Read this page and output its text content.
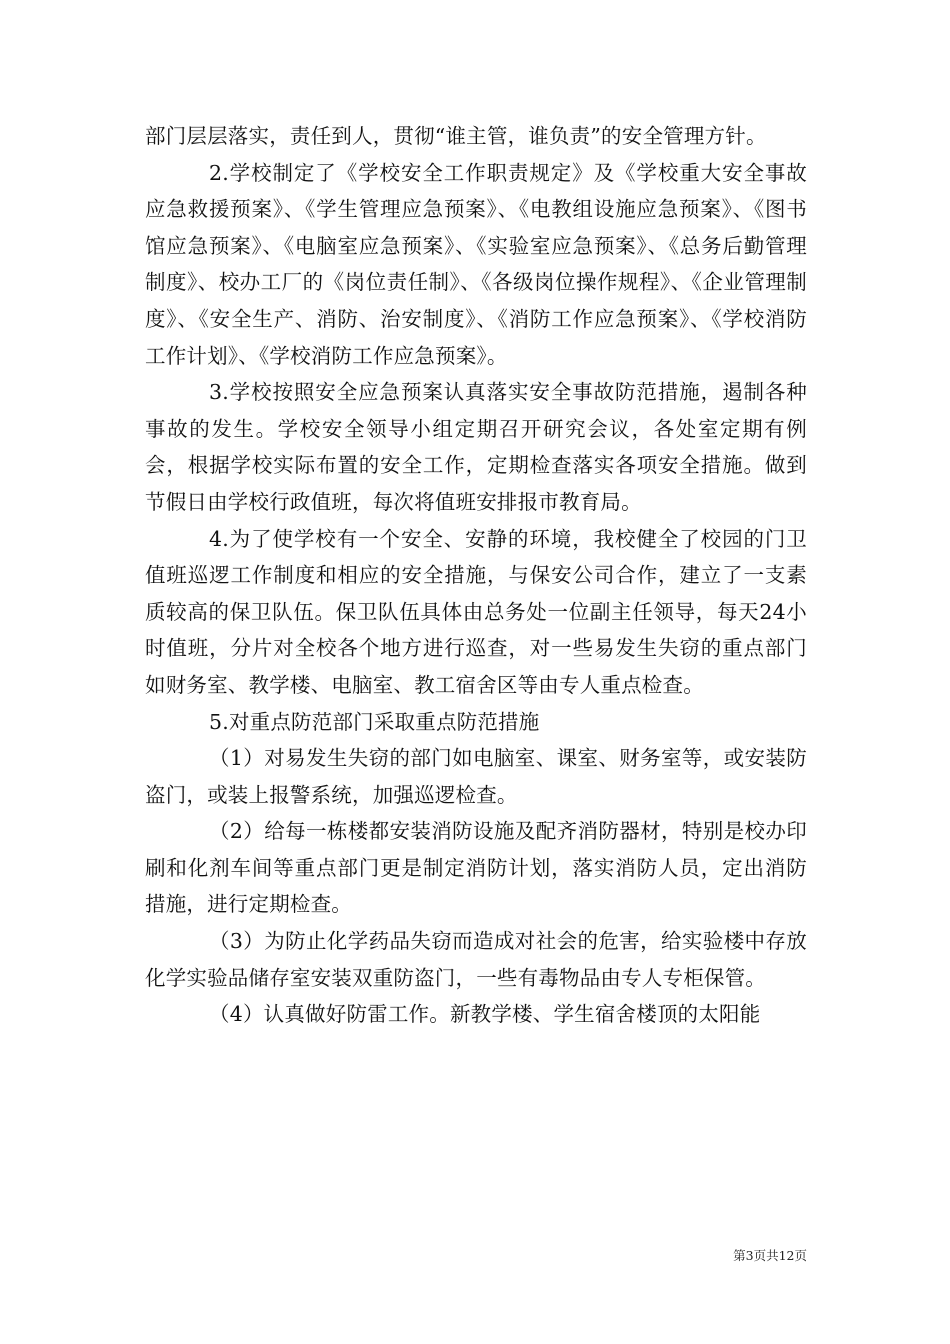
部门层层落实，责任到人，贯彻“谁主管，谁负责”的安全管理方针。

2.学校制定了《学校安全工作职责规定》及《学校重大安全事故应急救援预案》、《学生管理应急预案》、《电教组设施应急预案》、《图书馆应急预案》、《电脑室应急预案》、《实验室应急预案》、《总务后勤管理制度》、校办工厂的《岗位责任制》、《各级岗位操作规程》、《企业管理制度》、《安全生产、消防、治安制度》、《消防工作应急预案》、《学校消防工作计划》、《学校消防工作应急预案》。

3.学校按照安全应急预案认真落实安全事故防范措施，遏制各种事故的发生。学校安全领导小组定期召开研究会议，各处室定期有例会，根据学校实际布置的安全工作，定期检查落实各项安全措施。做到节假日由学校行政值班，每次将值班安排报市教育局。

4.为了使学校有一个安全、安静的环境，我校健全了校园的门卫值班巡逻工作制度和相应的安全措施，与保安公司合作，建立了一支素质较高的保卫队伍。保卫队伍具体由总务处一位副主任领导，每天24小时值班，分片对全校各个地方进行巡查，对一些易发生失窃的重点部门如财务室、教学楼、电脑室、教工宿舍区等由专人重点检查。

5.对重点防范部门采取重点防范措施

（1）对易发生失窃的部门如电脑室、课室、财务室等，或安装防盗门，或装上报警系统，加强巡逻检查。

（2）给每一栋楼都安装消防设施及配齐消防器材，特别是校办印刷和化剂车间等重点部门更是制定消防计划，落实消防人员，定出消防措施，进行定期检查。

（3）为防止化学药品失窃而造成对社会的危害，给实验楼中存放化学实验品储存室安装双重防盗门，一些有毒物品由专人专柜保管。

（4）认真做好防雷工作。新教学楼、学生宿舍楼顶的太阳能

第3页共12页
